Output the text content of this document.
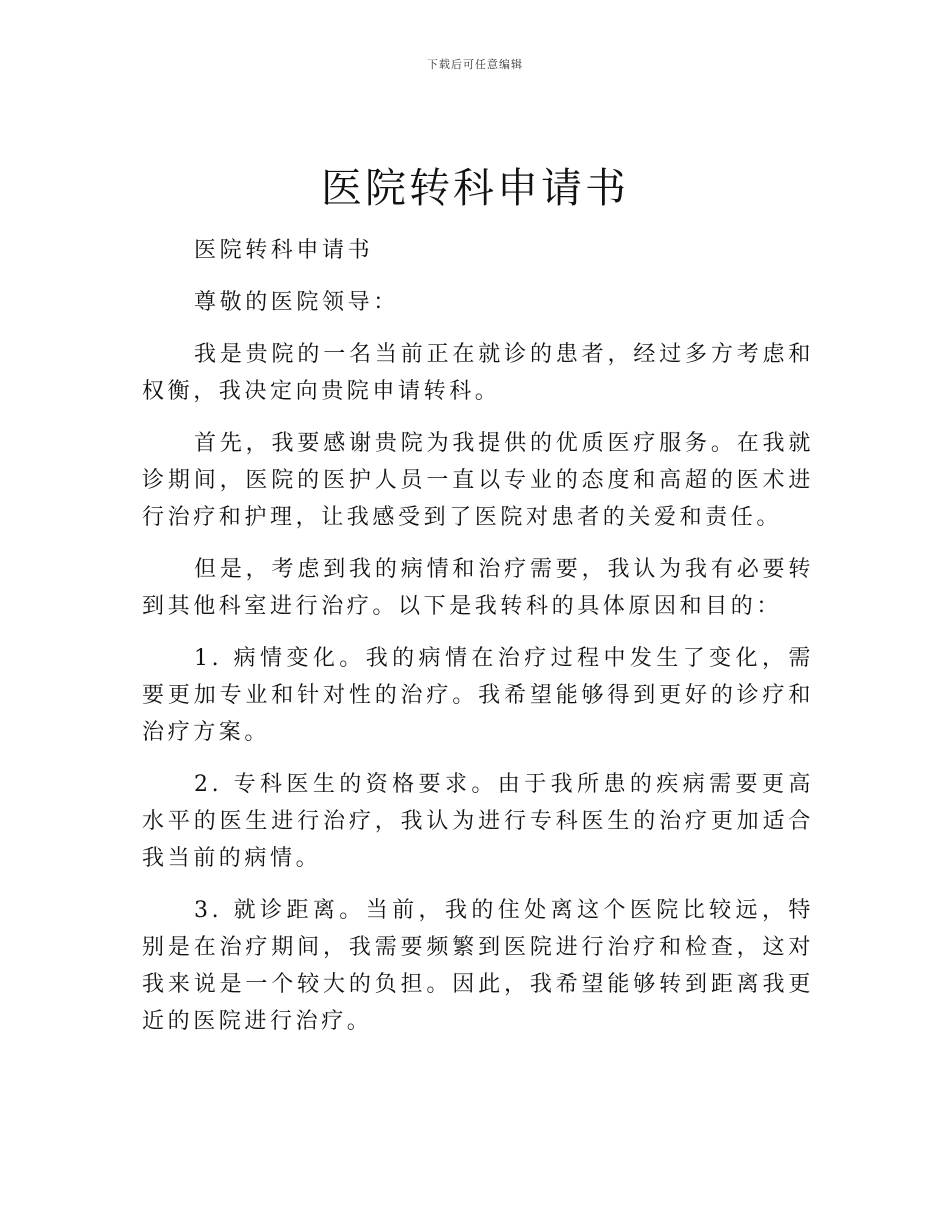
下载后可任意编辑
医院转科申请书

医院转科申请书

尊敬的医院领导：

我是贵院的一名当前正在就诊的患者，经过多方考虑和权衡，我决定向贵院申请转科。

首先，我要感谢贵院为我提供的优质医疗服务。在我就诊期间，医院的医护人员一直以专业的态度和高超的医术进行治疗和护理，让我感受到了医院对患者的关爱和责任。

但是，考虑到我的病情和治疗需要，我认为我有必要转到其他科室进行治疗。以下是我转科的具体原因和目的：

1. 病情变化。我的病情在治疗过程中发生了变化，需要更加专业和针对性的治疗。我希望能够得到更好的诊疗和治疗方案。

2. 专科医生的资格要求。由于我所患的疾病需要更高水平的医生进行治疗，我认为进行专科医生的治疗更加适合我当前的病情。

3. 就诊距离。当前，我的住处离这个医院比较远，特别是在治疗期间，我需要频繁到医院进行治疗和检查，这对我来说是一个较大的负担。因此，我希望能够转到距离我更近的医院进行治疗。
